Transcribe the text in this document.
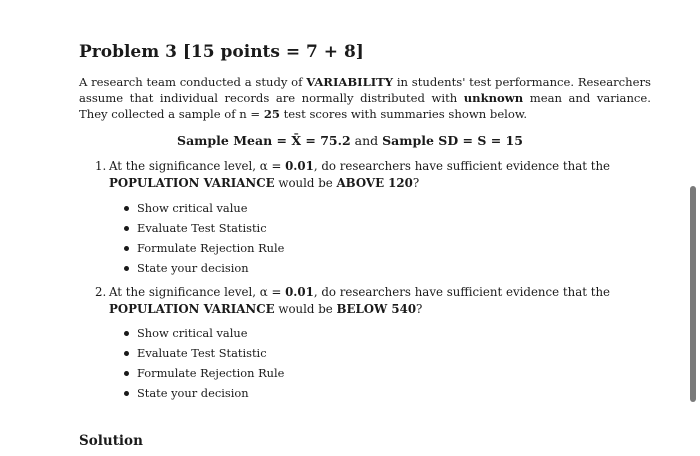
Problem 3 [15 points = 7 + 8]
A research team conducted a study of VARIABILITY in students' test performance. Researchers assume that individual records are normally distributed with unknown mean and variance. They collected a sample of n = 25 test scores with summaries shown below.
Sample Mean = X̄ = 75.2 and Sample SD = S = 15
1. At the significance level, α = 0.01, do researchers have sufficient evidence that the POPULATION VARIANCE would be ABOVE 120?
Show critical value
Evaluate Test Statistic
Formulate Rejection Rule
State your decision
2. At the significance level, α = 0.01, do researchers have sufficient evidence that the POPULATION VARIANCE would be BELOW 540?
Show critical value
Evaluate Test Statistic
Formulate Rejection Rule
State your decision
Solution
